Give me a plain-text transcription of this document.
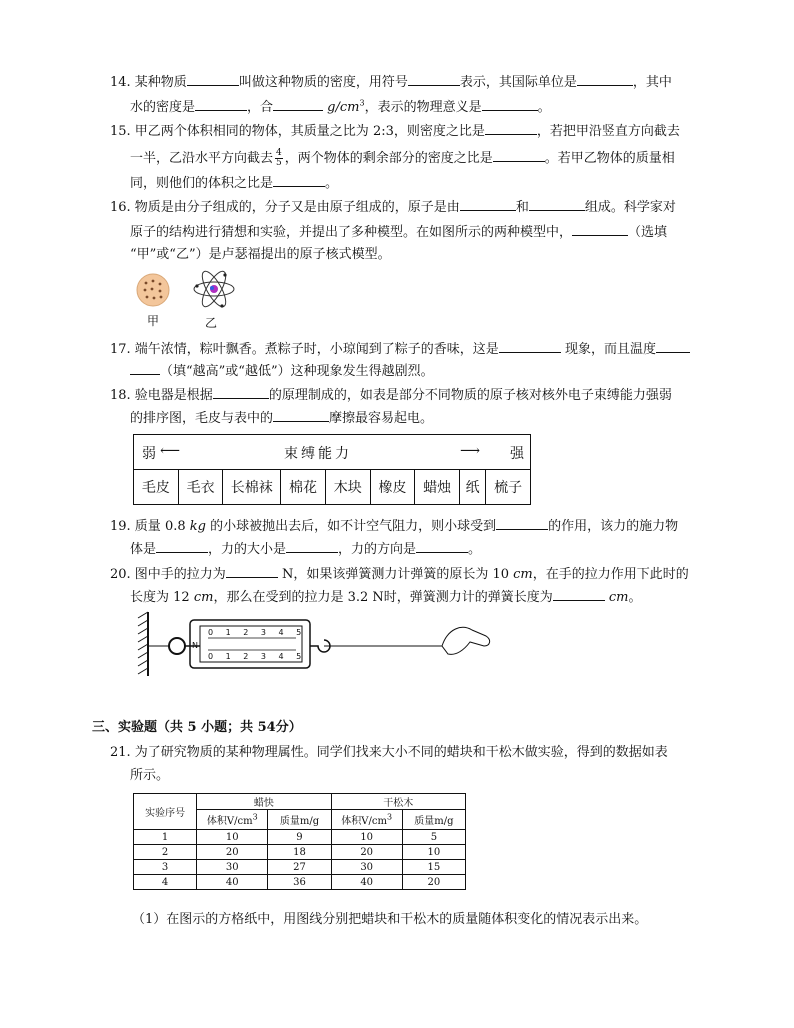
14. 某种物质	叫做这种物质的密度，用符号	表示，其国际单位是	，其中
水的密度是	，合	$g/cm^3$，表示的物理意义是	。
15. 甲乙两个体积相同的物体，其质量之比为 2:3，则密度之比是	，若把甲沿竖直方向截去
一半，乙沿水平方向截去 $\frac{4}{5}$ ，两个物体的剩余部分的密度之比是	。若甲乙物体的质量相
同，则他们的体积之比是	。
16. 物质是由分子组成的，分子又是由原子组成的，原子是由	和	组成。科学家对
原子的结构进行猜想和实验，并提出了多种模型。在如图所示的两种模型中，	（选填
“甲”或“乙”）是卢瑟福提出的原子核式模型。
甲	乙
17. 端午浓情，粽叶飘香。煮粽子时，小琼闻到了粽子的香味，这是	现象，而且温度
（填“越高”或“越低”）这种现象发生得越剧烈。
18. 验电器是根据	的原理制成的，如表是部分不同物质的原子核对核外电子束缚能力强弱
的排序图，毛皮与表中的	摩擦最容易起电。
弱 ⟵	束缚能力	⟶ 强

毛皮	毛衣	长棉袜	棉花	木块	橡皮	蜡烛	纸	梳子
19. 质量 0.8 kg 的小球被抛出去后，如不计空气阻力，则小球受到	的作用，该力的施力物
体是	，力的大小是	，力的方向是	。
20. 图中手的拉力为	N，如果该弹簧测力计弹簧的原长为 10 cm，在手的拉力作用下此时的
长度为 12 cm，那么在受到的拉力是 3.2 N时，弹簧测力计的弹簧长度为	cm。
0 1 2 3 4 5
0 1 2 3 4 5
N
三、实验题（共 5 小题；共 54分）
21. 为了研究物质的某种物理属性。同学们找来大小不同的蜡块和干松木做实验，得到的数据如表
所示。
实验序号	蜡快		干松木	
	体积$V/cm^3$	质量m/g	体积$V/cm^3$	质量m/g
1	10	9	10	5
2	20	18	20	10
3	30	27	30	15
4	40	36	40	20
（1）在图示的方格纸中，用图线分别把蜡块和干松木的质量随体积变化的情况表示出来。
